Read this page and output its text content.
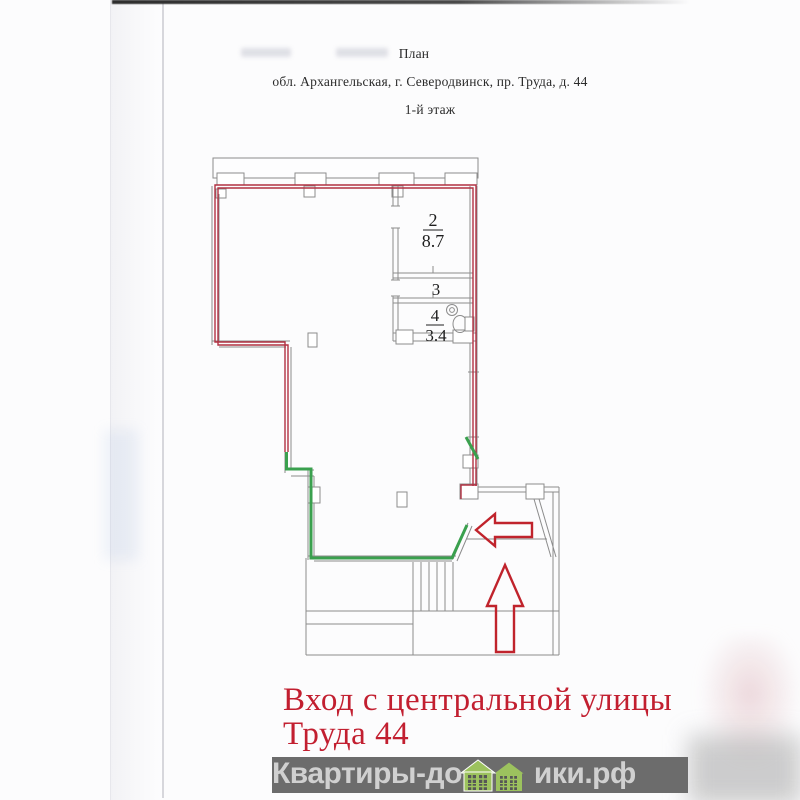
План
обл. Архангельская, г. Северодвинск, пр. Труда, д. 44
1-й этаж
2
8.7
3
4
3.4
Вход с центральной улицы
Труда 44
Квартиры-до ики.рф
